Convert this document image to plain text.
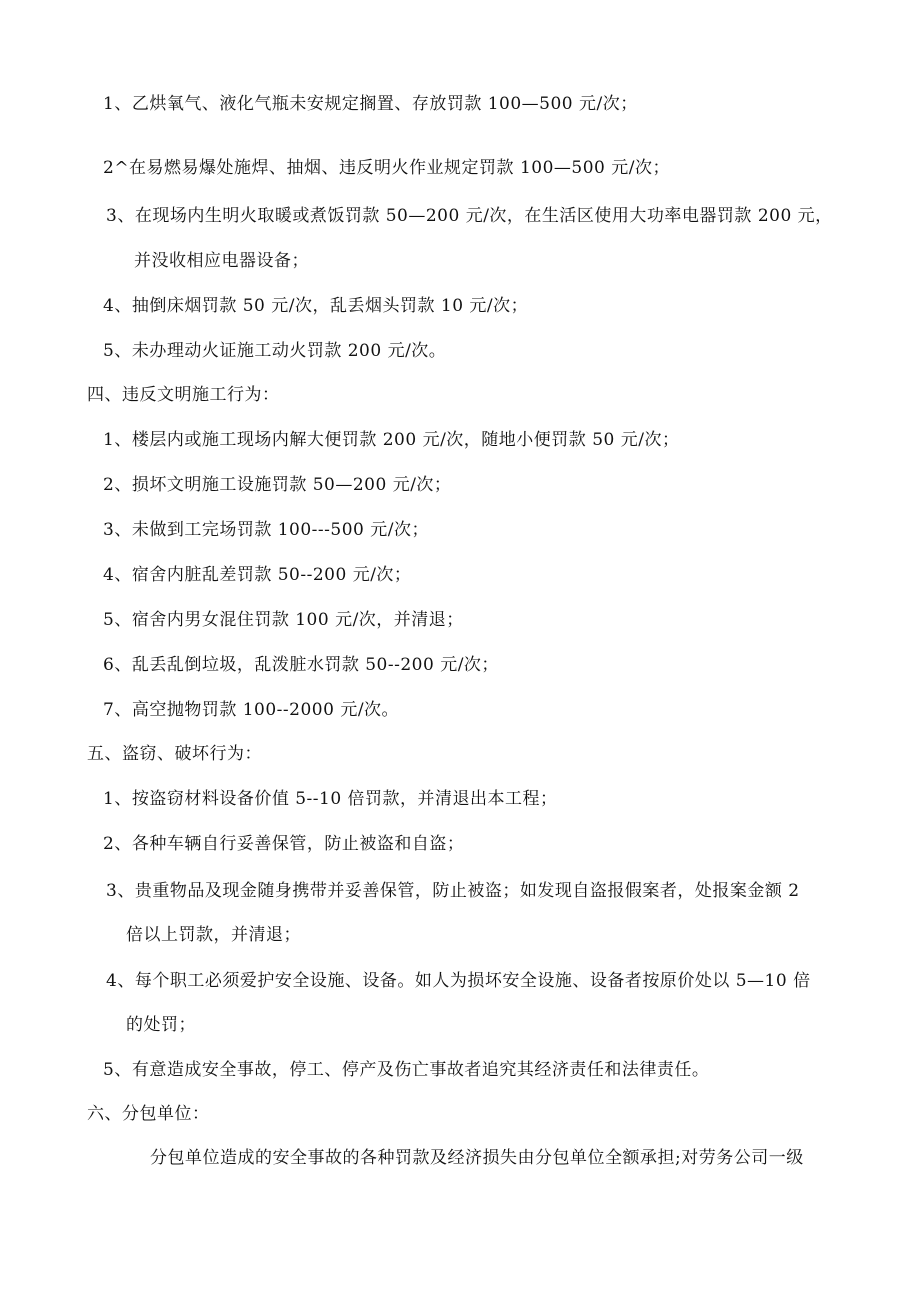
1、乙烘氧气、液化气瓶未安规定搁置、存放罚款 100—500 元/次；
2^在易燃易爆处施焊、抽烟、违反明火作业规定罚款 100—500 元/次；
3、在现场内生明火取暖或煮饭罚款 50—200 元/次，在生活区使用大功率电器罚款 200 元，
并没收相应电器设备；
4、抽倒床烟罚款 50 元/次，乱丢烟头罚款 10 元/次；
5、未办理动火证施工动火罚款 200 元/次。
四、违反文明施工行为：
1、楼层内或施工现场内解大便罚款 200 元/次，随地小便罚款 50 元/次；
2、损坏文明施工设施罚款 50—200 元/次；
3、未做到工完场罚款 100---500 元/次；
4、宿舍内脏乱差罚款 50--200 元/次；
5、宿舍内男女混住罚款 100 元/次，并清退；
6、乱丢乱倒垃圾，乱泼脏水罚款 50--200 元/次；
7、高空抛物罚款 100--2000 元/次。
五、盗窃、破坏行为：
1、按盗窃材料设备价值 5--10 倍罚款，并清退出本工程；
2、各种车辆自行妥善保管，防止被盗和自盗；
3、贵重物品及现金随身携带并妥善保管，防止被盗；如发现自盗报假案者，处报案金额 2
倍以上罚款，并清退；
4、每个职工必须爱护安全设施、设备。如人为损坏安全设施、设备者按原价处以 5—10 倍
的处罚；
5、有意造成安全事故，停工、停产及伤亡事故者追究其经济责任和法律责任。
六、分包单位：
分包单位造成的安全事故的各种罚款及经济损失由分包单位全额承担;对劳务公司一级
